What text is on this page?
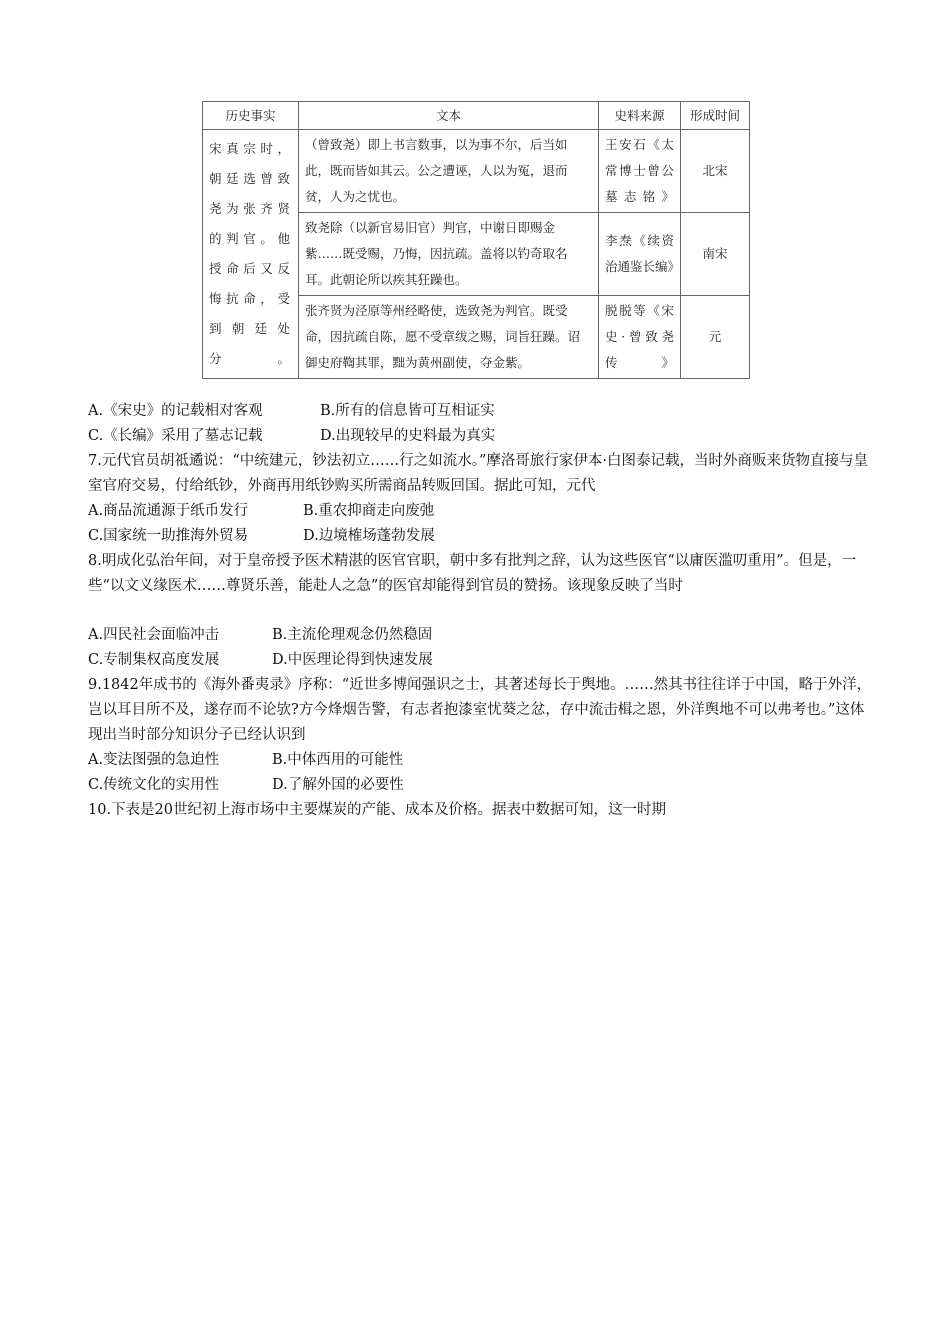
历史事实	文本	史料来源	形成时间

宋真宗时，朝廷选曾致尧为张齐贤的判官。他授命后又反悔抗命，受到朝廷处分。	（曾致尧）即上书言数事，以为事不尔，后当如此，既而皆如其云。公之遭诬，人以为冤，退而贫，人为之忧也。	王安石《太常博士曾公墓志铭》	北宋
	致尧除（以新官易旧官）判官，中谢日即赐金紫……既受赐，乃悔，因抗疏。盖将以钓奇取名耳。此朝论所以疾其狂躁也。	李焘《续资治通鉴长编》	南宋
	张齐贤为泾原等州经略使，选致尧为判官。既受命，因抗疏自陈，愿不受章绂之赐，词旨狂躁。诏御史府鞫其罪，黜为黄州副使，夺金紫。	脱脱等《宋史·曾致尧传》	元
A.《宋史》的记载相对客观	B.所有的信息皆可互相证实
C.《长编》采用了墓志记载	D.出现较早的史料最为真实
7.元代官员胡祗遹说：“中统建元，钞法初立……行之如流水。”摩洛哥旅行家伊本·白图泰记载，当时外商贩来货物直接与皇室官府交易，付给纸钞，外商再用纸钞购买所需商品转贩回国。据此可知，元代
A.商品流通源于纸币发行	B.重农抑商走向废弛
C.国家统一助推海外贸易	D.边境榷场蓬勃发展
8.明成化弘治年间，对于皇帝授予医术精湛的医官官职，朝中多有批判之辞，认为这些医官“以庸医滥叨重用”。但是，一些“以文义缘医术……尊贤乐善，能赴人之急”的医官却能得到官员的赞扬。该现象反映了当时
A.四民社会面临冲击	B.主流伦理观念仍然稳固
C.专制集权高度发展	D.中医理论得到快速发展
9.1842年成书的《海外番夷录》序称：“近世多博闻强识之士，其著述每长于舆地。……然其书往往详于中国，略于外洋，岂以耳目所不及，遂存而不论欤?方今烽烟告警，有志者抱漆室忧葵之忿，存中流击楫之恩，外洋舆地不可以弗考也。”这体现出当时部分知识分子已经认识到
A.变法图强的急迫性	B.中体西用的可能性
C.传统文化的实用性	D.了解外国的必要性
10.下表是20世纪初上海市场中主要煤炭的产能、成本及价格。据表中数据可知，这一时期
